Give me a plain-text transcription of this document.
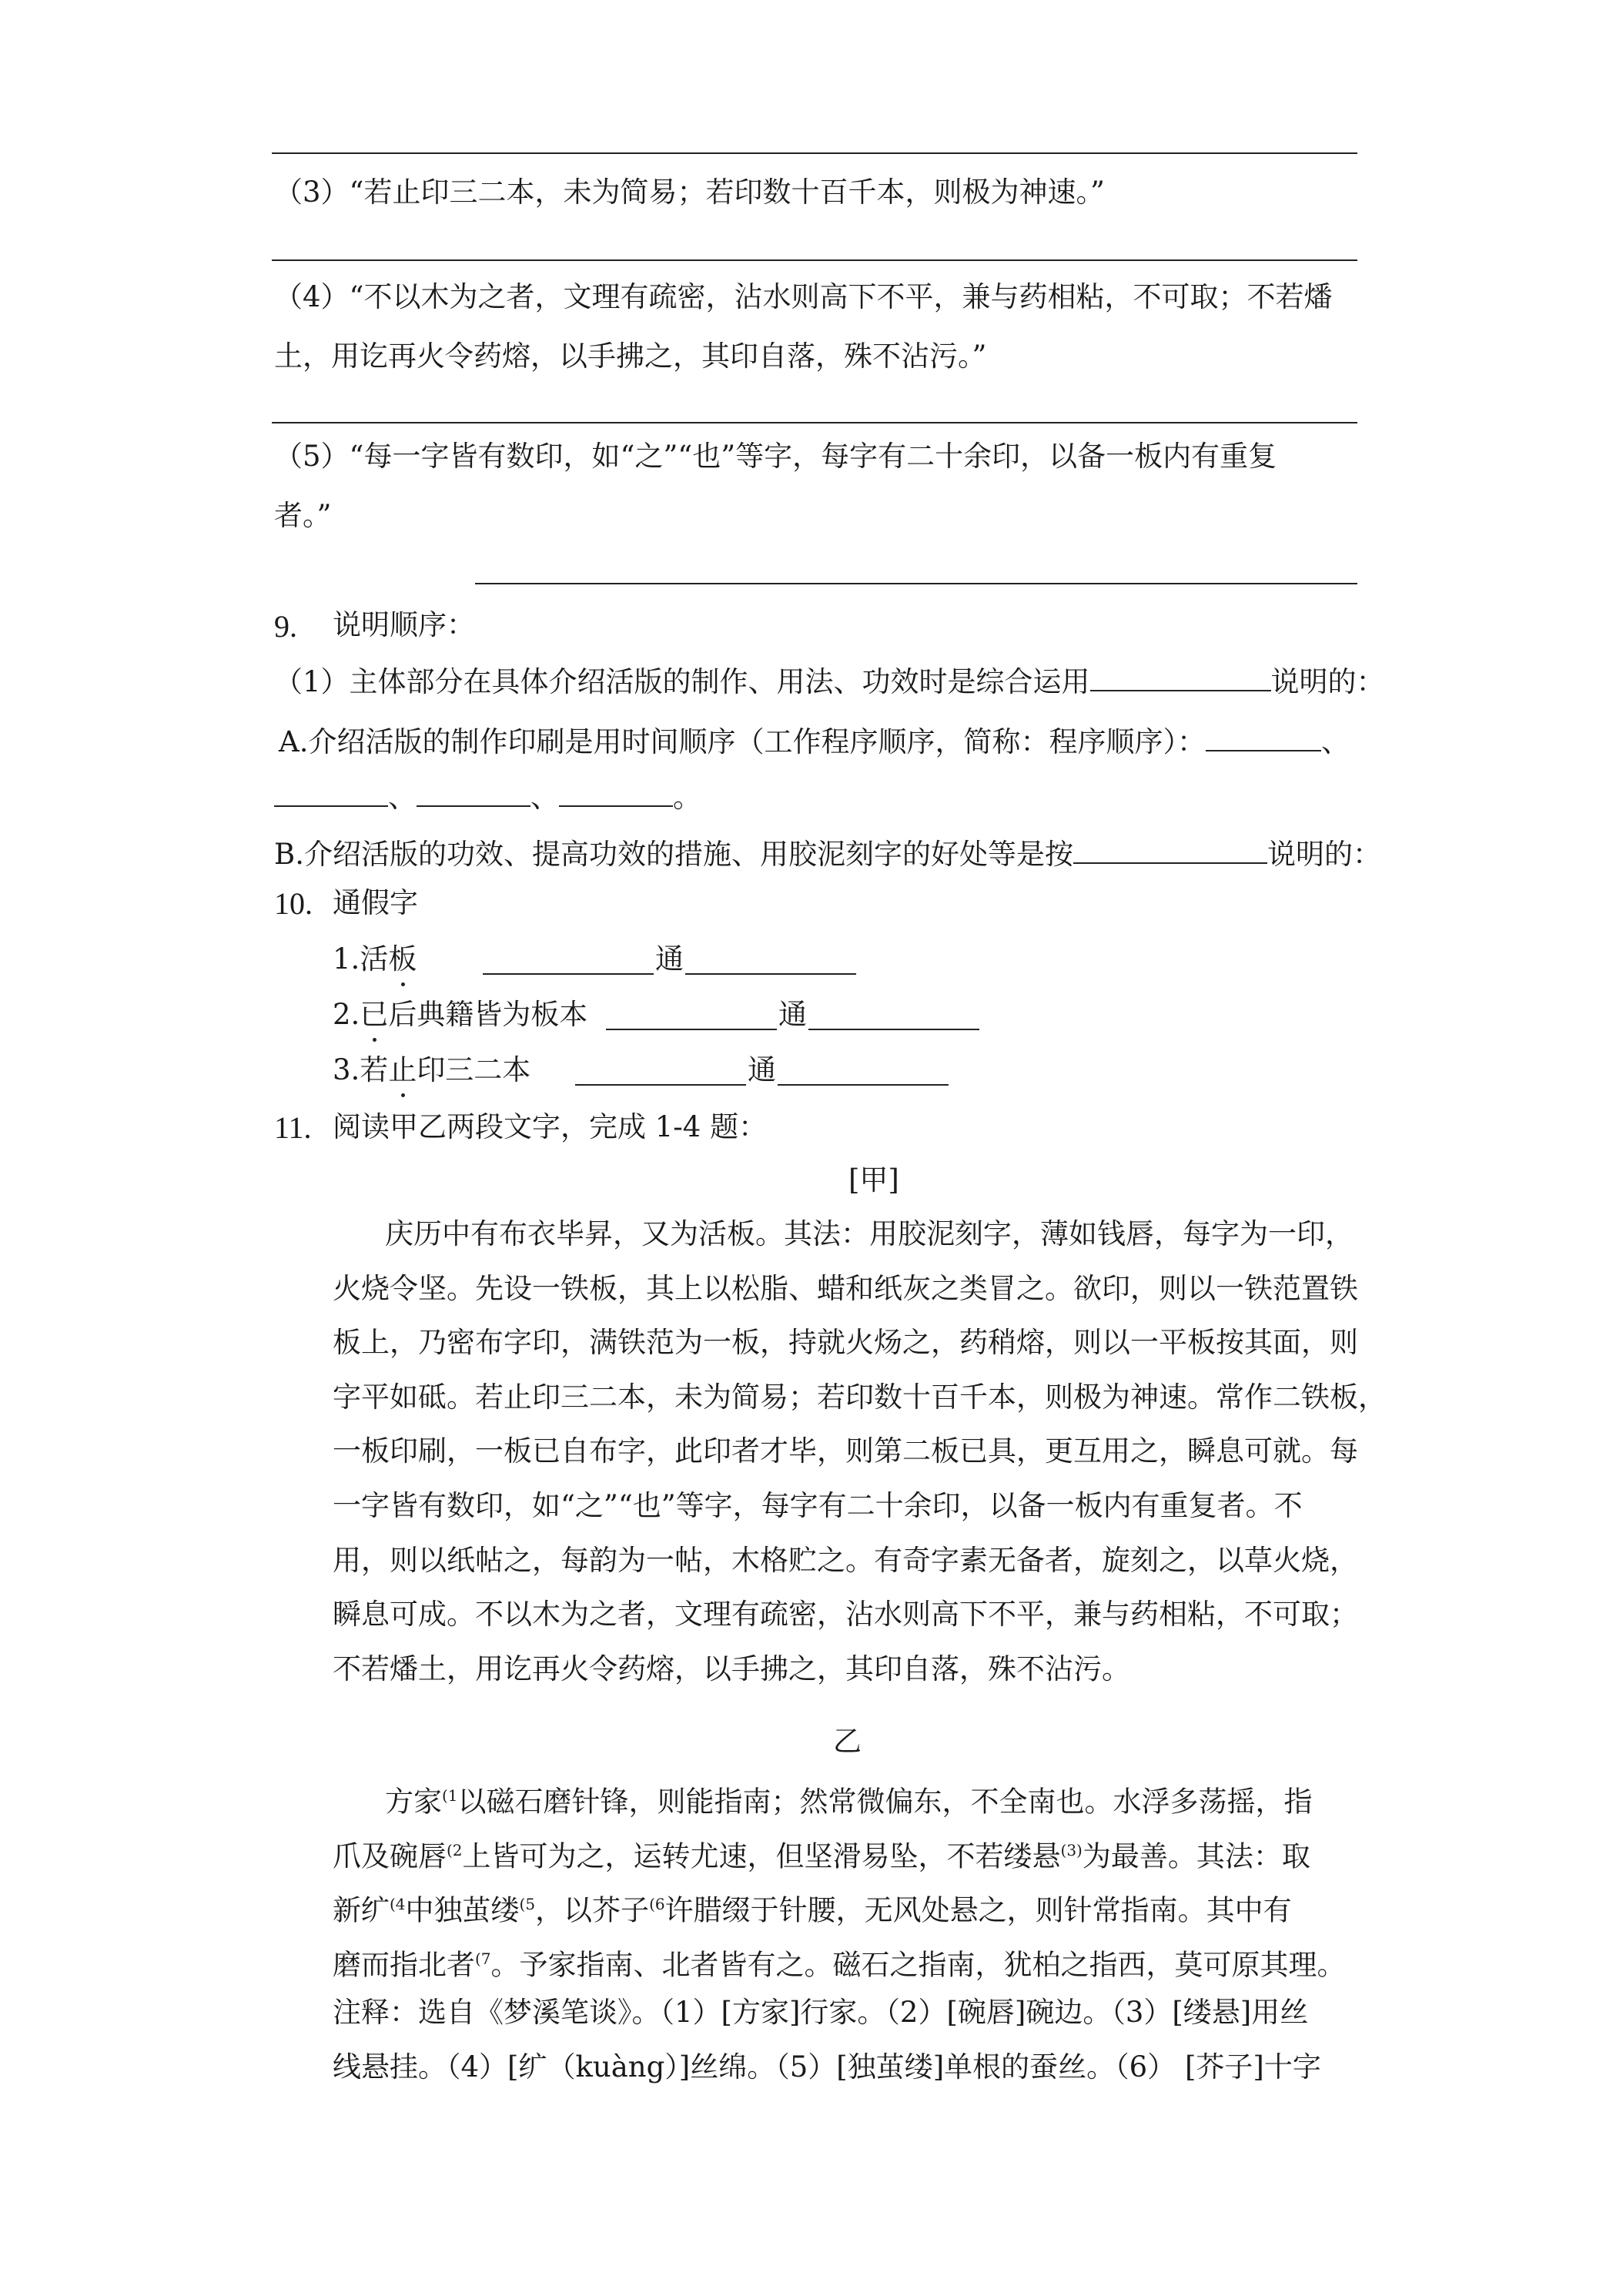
（3）“若止印三二本，未为简易；若印数十百千本，则极为神速。”
（4）“不以木为之者，文理有疏密，沾水则高下不平，兼与药相粘，不可取；不若燔
土，用讫再火令药熔，以手拂之，其印自落，殊不沾污。”
（5）“每一字皆有数印，如“之”“也”等字，每字有二十余印，以备一板内有重复
者。”
9. 说明顺序：
（1）主体部分在具体介绍活版的制作、用法、功效时是综合运用	说明的：
A.介绍活版的制作印刷是用时间顺序（工作程序顺序，简称：程序顺序）：	、
、	、	。
B.介绍活版的功效、提高功效的措施、用胶泥刻字的好处等是按	说明的：
10. 通假字
1.活板	通
2.已后典籍皆为板本	通
3.若止印三二本	通
11. 阅读甲乙两段文字，完成 1-4 题：
[甲]
庆历中有布衣毕昇，又为活板。其法：用胶泥刻字，薄如钱唇，每字为一印，
火烧令坚。先设一铁板，其上以松脂、蜡和纸灰之类冒之。欲印，则以一铁范置铁
板上，乃密布字印，满铁范为一板，持就火炀之，药稍熔，则以一平板按其面，则
字平如砥。若止印三二本，未为简易；若印数十百千本，则极为神速。常作二铁板，
一板印刷，一板已自布字，此印者才毕，则第二板已具，更互用之，瞬息可就。每
一字皆有数印，如“之”“也”等字，每字有二十余印，以备一板内有重复者。不
用，则以纸帖之，每韵为一帖，木格贮之。有奇字素无备者，旋刻之，以草火烧，
瞬息可成。不以木为之者，文理有疏密，沾水则高下不平，兼与药相粘，不可取；
不若燔土，用讫再火令药熔，以手拂之，其印自落，殊不沾污。
乙
方家$^{(1}$以磁石磨针锋，则能指南；然常微偏东，不全南也。水浮多荡摇，指
爪及碗唇$^{(2}$上皆可为之，运转尤速，但坚滑易坠，不若缕悬$^{(3)}$为最善。其法：取
新纩$^{(4}$中独茧缕$^{(5}$，以芥子$^{(6}$许腊缀于针腰，无风处悬之，则针常指南。其中有
磨而指北者$^{(7}$。予家指南、北者皆有之。磁石之指南，犹柏之指西，莫可原其理。
注释：选自《梦溪笔谈》。（1）[方家]行家。（2）[碗唇]碗边。（3）[缕悬]用丝
线悬挂。（4）[纩（kuàng）]丝绵。（5）[独茧缕]单根的蚕丝。（6） [芥子]十字
